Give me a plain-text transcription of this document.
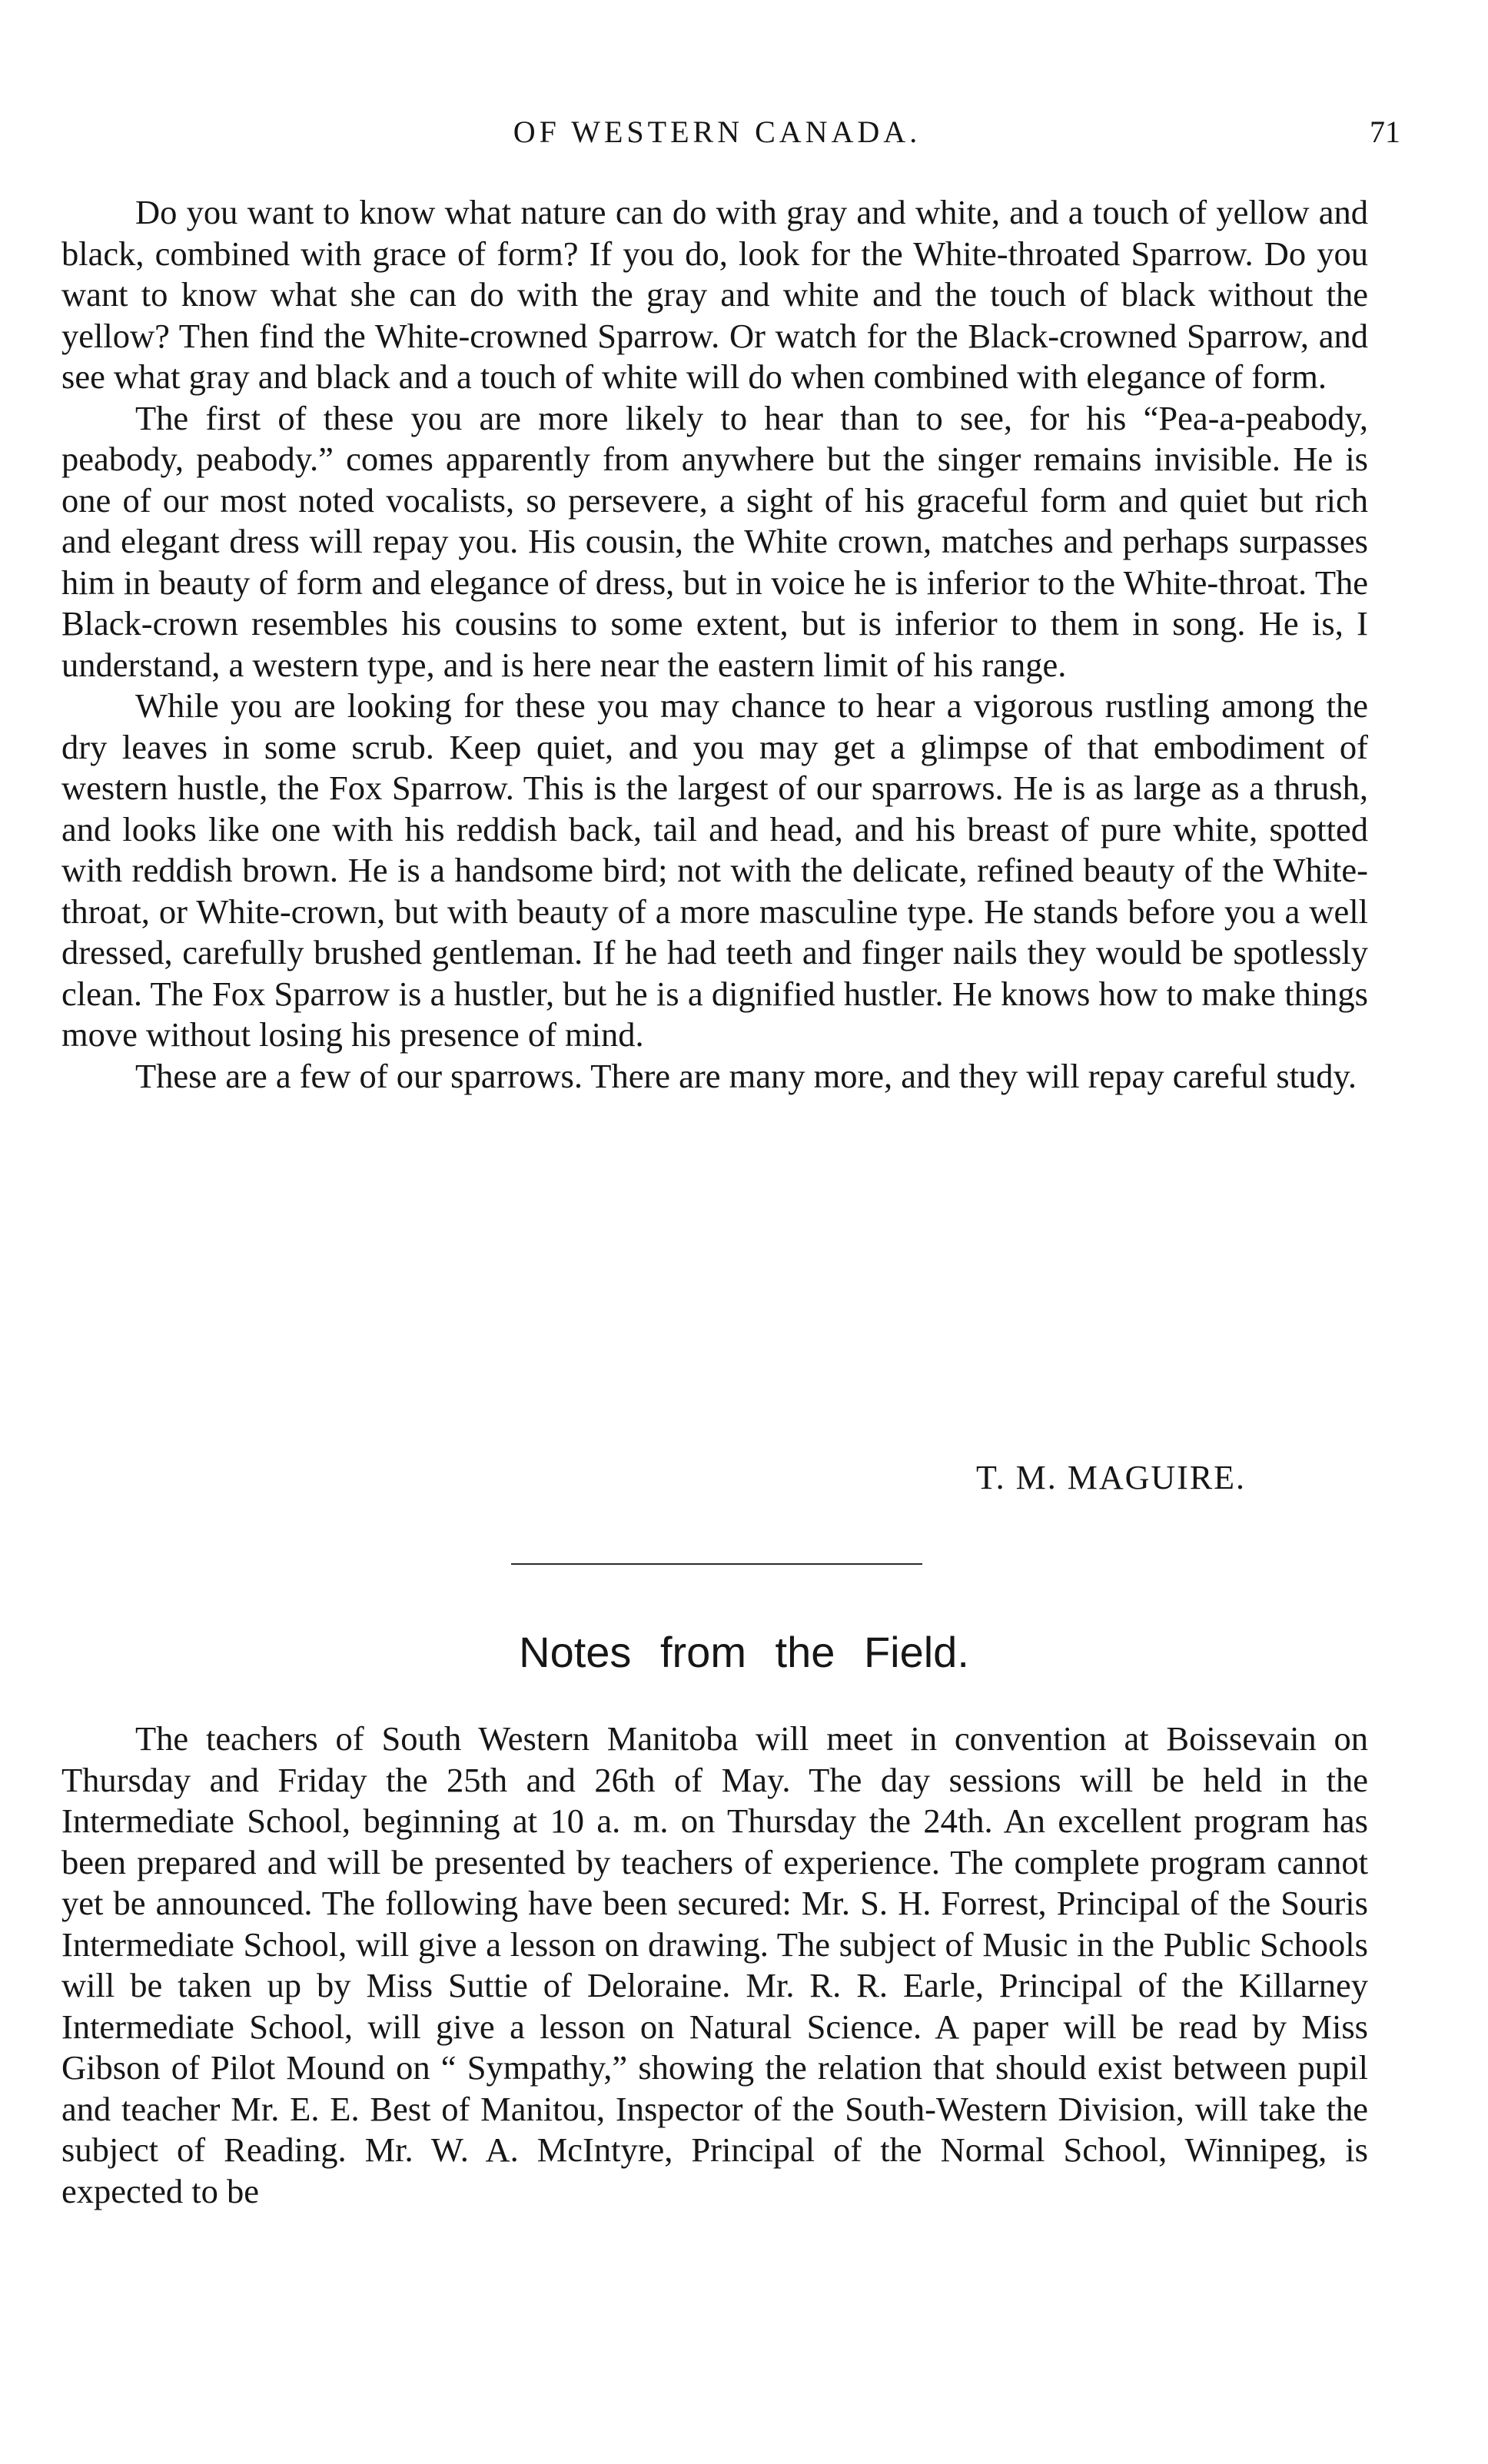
OF WESTERN CANADA.	71

Do you want to know what nature can do with gray and white, and a touch of yellow and black, combined with grace of form? If you do, look for the White-throated Sparrow. Do you want to know what she can do with the gray and white and the touch of black without the yellow? Then find the White-crowned Sparrow. Or watch for the Black-crowned Sparrow, and see what gray and black and a touch of white will do when combined with elegance of form.

The first of these you are more likely to hear than to see, for his “Pea-a-peabody, peabody, peabody.” comes apparently from anywhere but the singer remains invisible. He is one of our most noted vocalists, so persevere, a sight of his graceful form and quiet but rich and elegant dress will repay you. His cousin, the White crown, matches and perhaps surpasses him in beauty of form and elegance of dress, but in voice he is inferior to the White-throat. The Black-crown resembles his cousins to some extent, but is inferior to them in song. He is, I understand, a western type, and is here near the eastern limit of his range.

While you are looking for these you may chance to hear a vigorous rustling among the dry leaves in some scrub. Keep quiet, and you may get a glimpse of that embodiment of western hustle, the Fox Sparrow. This is the largest of our sparrows. He is as large as a thrush, and looks like one with his reddish back, tail and head, and his breast of pure white, spotted with reddish brown. He is a handsome bird; not with the delicate, refined beauty of the White-throat, or White-crown, but with beauty of a more masculine type. He stands before you a well dressed, carefully brushed gentleman. If he had teeth and finger nails they would be spotlessly clean. The Fox Sparrow is a hustler, but he is a dignified hustler. He knows how to make things move without losing his presence of mind.

These are a few of our sparrows. There are many more, and they will repay careful study.

T. M. MAGUIRE.
Notes from the Field.

The teachers of South Western Manitoba will meet in convention at Boissevain on Thursday and Friday the 25th and 26th of May. The day sessions will be held in the Intermediate School, beginning at 10 a. m. on Thursday the 24th. An excellent program has been prepared and will be presented by teachers of experience. The complete program cannot yet be announced. The following have been secured: Mr. S. H. Forrest, Principal of the Souris Intermediate School, will give a lesson on drawing. The subject of Music in the Public Schools will be taken up by Miss Suttie of Deloraine. Mr. R. R. Earle, Principal of the Killarney Intermediate School, will give a lesson on Natural Science. A paper will be read by Miss Gibson of Pilot Mound on “ Sympathy,” showing the relation that should exist between pupil and teacher Mr. E. E. Best of Manitou, Inspector of the South-Western Division, will take the subject of Reading. Mr. W. A. McIntyre, Principal of the Normal School, Winnipeg, is expected to be
